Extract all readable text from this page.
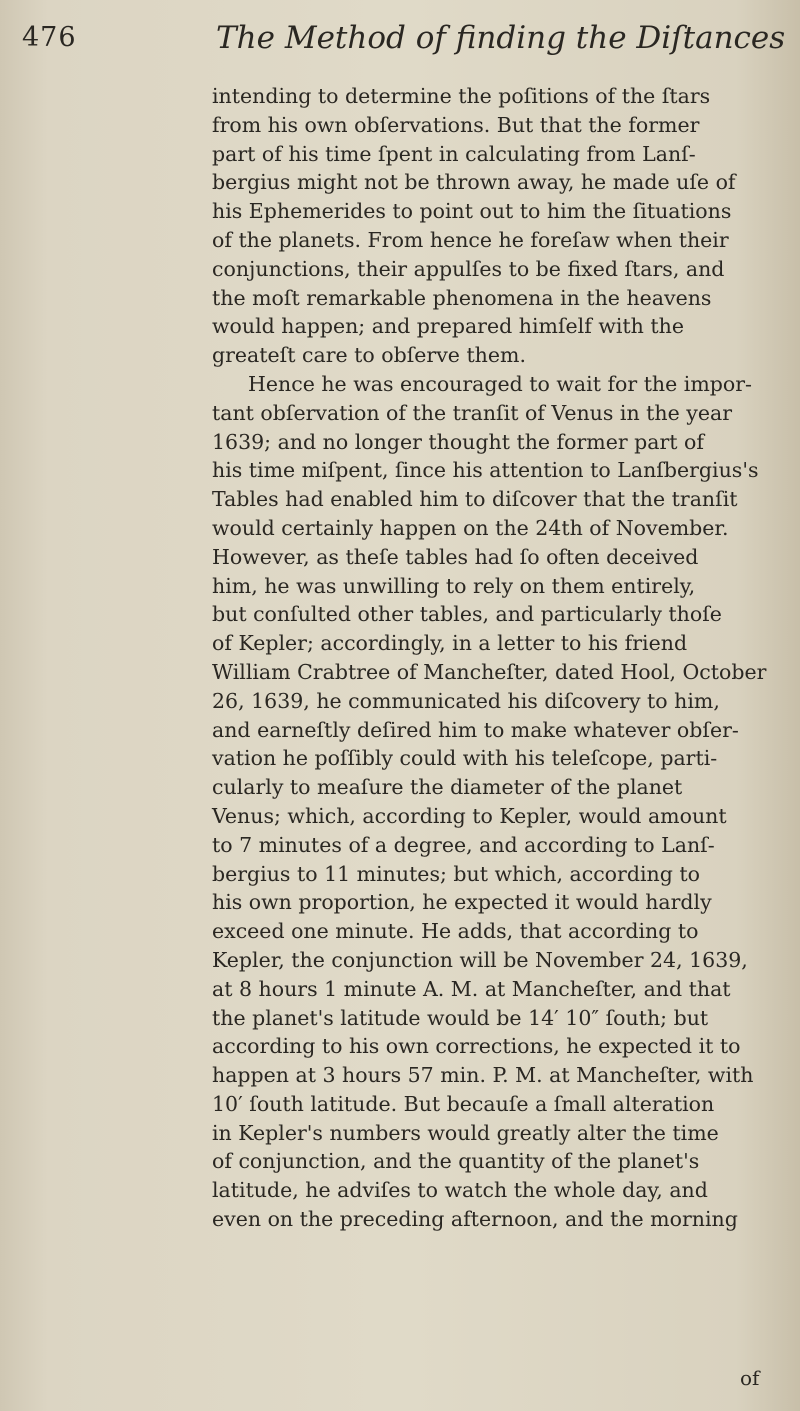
476	The Method of finding the Diſtances
intending to determine the poſitions of the ſtars
from his own obſervations. But that the former
part of his time ſpent in calculating from Lanſ-
bergius might not be thrown away, he made uſe of
his Ephemerides to point out to him the ſituations
of the planets. From hence he foreſaw when their
conjunctions, their appulſes to be fixed ſtars, and
the moſt remarkable phenomena in the heavens
would happen; and prepared himſelf with the
greateſt care to obſerve them.
Hence he was encouraged to wait for the impor-
tant obſervation of the tranſit of Venus in the year
1639; and no longer thought the former part of
his time miſpent, ſince his attention to Lanſbergius's
Tables had enabled him to diſcover that the tranſit
would certainly happen on the 24th of November.
However, as theſe tables had ſo often deceived
him, he was unwilling to rely on them entirely,
but conſulted other tables, and particularly thoſe
of Kepler; accordingly, in a letter to his friend
William Crabtree of Mancheſter, dated Hool, October
26, 1639, he communicated his diſcovery to him,
and earneſtly deſired him to make whatever obſer-
vation he poſſibly could with his teleſcope, parti-
cularly to meaſure the diameter of the planet
Venus; which, according to Kepler, would amount
to 7 minutes of a degree, and according to Lanſ-
bergius to 11 minutes; but which, according to
his own proportion, he expected it would hardly
exceed one minute. He adds, that according to
Kepler, the conjunction will be November 24, 1639,
at 8 hours 1 minute A. M. at Mancheſter, and that
the planet's latitude would be 14′ 10″ ſouth; but
according to his own corrections, he expected it to
happen at 3 hours 57 min. P. M. at Mancheſter, with
10′ ſouth latitude. But becauſe a ſmall alteration
in Kepler's numbers would greatly alter the time
of conjunction, and the quantity of the planet's
latitude, he adviſes to watch the whole day, and
even on the preceding afternoon, and the morning
of
